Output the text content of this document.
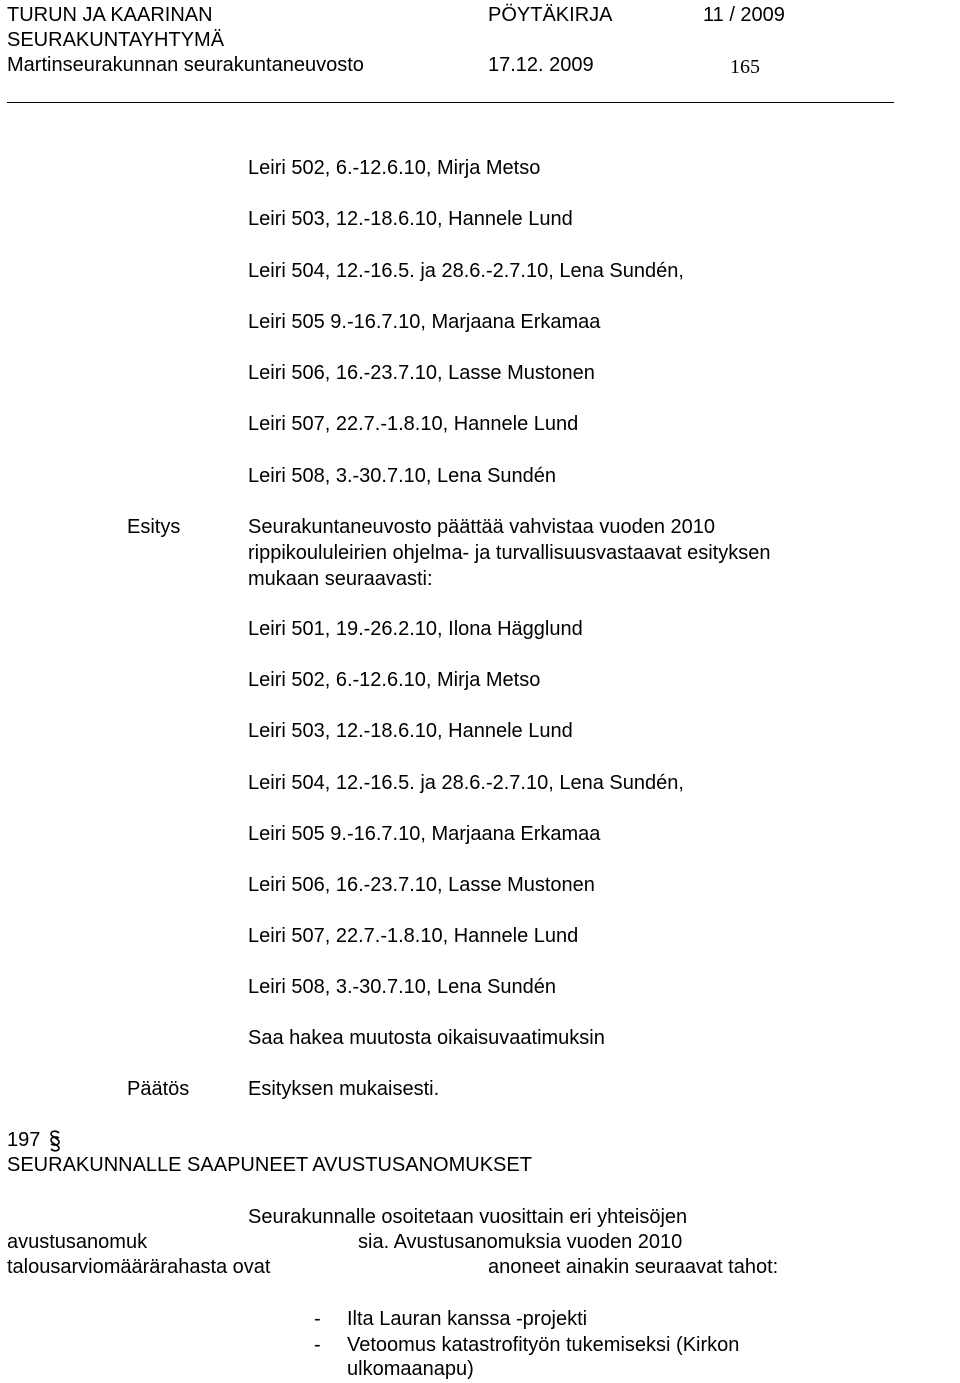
TURUN JA KAARINAN
SEURAKUNTAYHTYMÄ
Martinseurakunnan seurakuntaneuvosto
PÖYTÄKIRJA	11 / 2009
17.12. 2009	165
Leiri 502, 6.-12.6.10, Mirja Metso
Leiri 503, 12.-18.6.10, Hannele Lund
Leiri 504, 12.-16.5. ja 28.6.-2.7.10, Lena Sundén,
Leiri 505 9.-16.7.10, Marjaana Erkamaa
Leiri 506, 16.-23.7.10, Lasse Mustonen
Leiri 507, 22.7.-1.8.10, Hannele Lund
Leiri 508, 3.-30.7.10, Lena Sundén
Esitys	Seurakuntaneuvosto päättää vahvistaa vuoden 2010
rippikoululeirien ohjelma- ja turvallisuusvastaavat esityksen
mukaan seuraavasti:
Leiri 501, 19.-26.2.10, Ilona Hägglund
Leiri 502, 6.-12.6.10, Mirja Metso
Leiri 503, 12.-18.6.10, Hannele Lund
Leiri 504, 12.-16.5. ja 28.6.-2.7.10, Lena Sundén,
Leiri 505 9.-16.7.10, Marjaana Erkamaa
Leiri 506, 16.-23.7.10, Lasse Mustonen
Leiri 507, 22.7.-1.8.10, Hannele Lund
Leiri 508, 3.-30.7.10, Lena Sundén
Saa hakea muutosta oikaisuvaatimuksin
Päätös	Esityksen mukaisesti.
197
SEURAKUNNALLE SAAPUNEET AVUSTUSANOMUKSET
Seurakunnalle osoitetaan vuosittain eri yhteisöjen
avustusanomuk	sia. Avustusanomuksia vuoden 2010
talousarviomäärärahasta ovat	anoneet ainakin seuraavat tahot:
- Ilta Lauran kanssa -projekti
- Vetoomus katastrofityön tukemiseksi (Kirkon
ulkomaanapu)
